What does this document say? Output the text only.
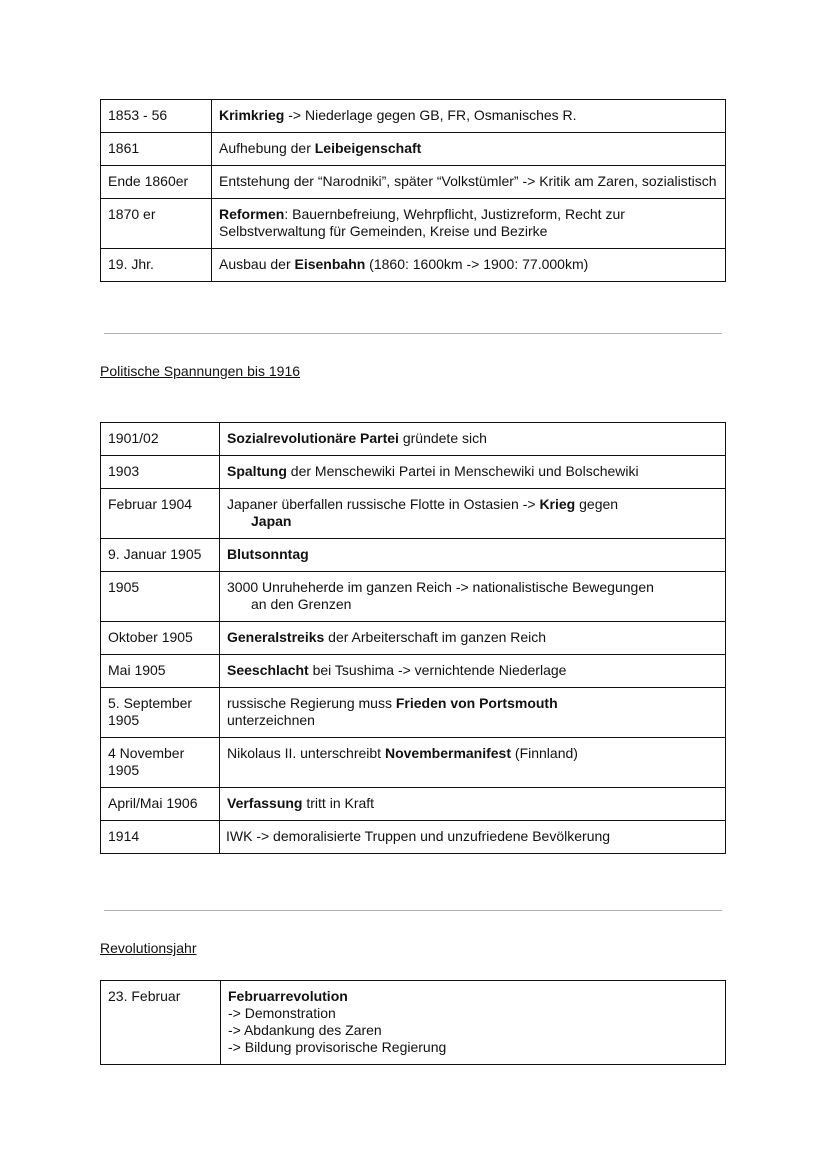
1853 - 56	Krimkrieg -> Niederlage gegen GB, FR, Osmanisches R.
1861	Aufhebung der Leibeigenschaft
Ende 1860er	Entstehung der “Narodniki”, später “Volkstümler” -> Kritik am Zaren, sozialistisch
1870 er	Reformen: Bauernbefreiung, Wehrpflicht, Justizreform, Recht zur Selbstverwaltung für Gemeinden, Kreise und Bezirke
19. Jhr.	Ausbau der Eisenbahn (1860: 1600km -> 1900: 77.000km)
Politische Spannungen bis 1916
1901/02	Sozialrevolutionäre Partei gründete sich
1903	Spaltung der Menschewiki Partei in Menschewiki und Bolschewiki
Februar 1904	Japaner überfallen russische Flotte in Ostasien -> Krieg gegen
Japan

9. Januar 1905	Blutsonntag
1905	3000 Unruheherde im ganzen Reich -> nationalistische Bewegungen
an den Grenzen

Oktober 1905	Generalstreiks der Arbeiterschaft im ganzen Reich
Mai 1905	Seeschlacht bei Tsushima -> vernichtende Niederlage
5. September 1905	russische Regierung muss Frieden von Portsmouth
unterzeichnen

4 November 1905	Nikolaus II. unterschreibt Novembermanifest (Finnland)
April/Mai 1906	Verfassung tritt in Kraft
1914	IWK -> demoralisierte Truppen und unzufriedene Bevölkerung
Revolutionsjahr
23. Februar	Februarrevolution
-> Demonstration
-> Abdankung des Zaren
-> Bildung provisorische Regierung
